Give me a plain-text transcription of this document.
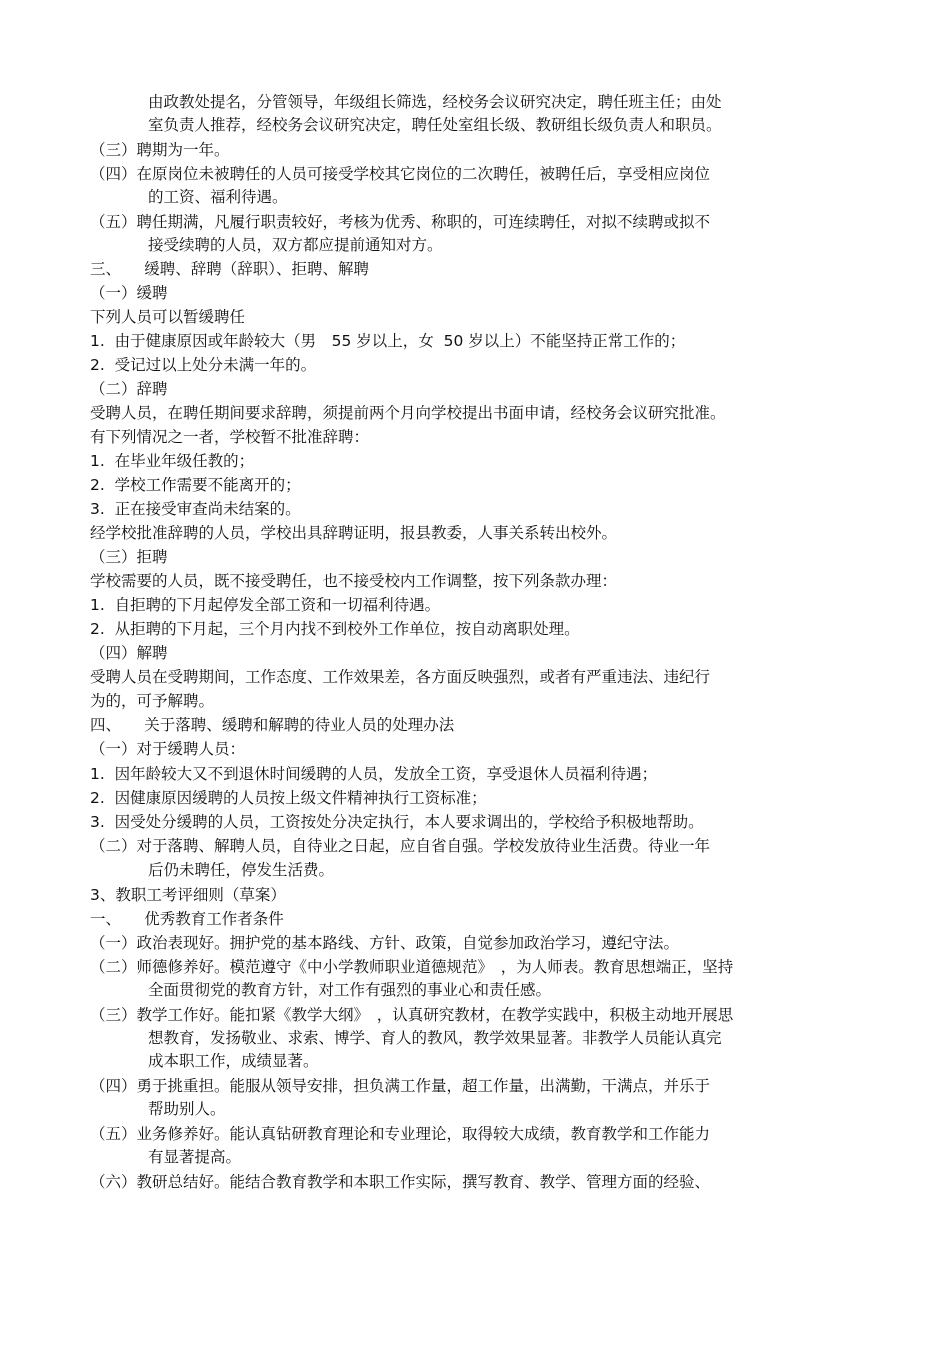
由政教处提名，分管领导，年级组长筛选，经校务会议研究决定，聘任班主任；由处
室负责人推荐，经校务会议研究决定，聘任处室组长级、教研组长级负责人和职员。
（三）聘期为一年。
（四）在原岗位未被聘任的人员可接受学校其它岗位的二次聘任，被聘任后，享受相应岗位
的工资、福利待遇。
（五）聘任期满，凡履行职责较好，考核为优秀、称职的，可连续聘任，对拟不续聘或拟不
接受续聘的人员，双方都应提前通知对方。
三、　　缓聘、辞聘（辞职）、拒聘、解聘
（一）缓聘
下列人员可以暂缓聘任
1.  由于健康原因或年龄较大（男　55 岁以上，女  50 岁以上）不能坚持正常工作的；
2.  受记过以上处分未满一年的。
（二）辞聘
受聘人员，在聘任期间要求辞聘，须提前两个月向学校提出书面申请，经校务会议研究批准。
有下列情况之一者，学校暂不批准辞聘：
1.  在毕业年级任教的；
2.  学校工作需要不能离开的；
3.  正在接受审查尚未结案的。
经学校批准辞聘的人员，学校出具辞聘证明，报县教委，人事关系转出校外。
（三）拒聘
学校需要的人员，既不接受聘任，也不接受校内工作调整，按下列条款办理：
1.  自拒聘的下月起停发全部工资和一切福利待遇。
2.  从拒聘的下月起，三个月内找不到校外工作单位，按自动离职处理。
（四）解聘
受聘人员在受聘期间，工作态度、工作效果差，各方面反映强烈，或者有严重违法、违纪行
为的，可予解聘。
四、　　关于落聘、缓聘和解聘的待业人员的处理办法
（一）对于缓聘人员：
1.  因年龄较大又不到退休时间缓聘的人员，发放全工资，享受退休人员福利待遇；
2.  因健康原因缓聘的人员按上级文件精神执行工资标准；
3.  因受处分缓聘的人员，工资按处分决定执行，本人要求调出的，学校给予积极地帮助。
（二）对于落聘、解聘人员，自待业之日起，应自省自强。学校发放待业生活费。待业一年
后仍未聘任，停发生活费。
3、教职工考评细则（草案）
一、　　优秀教育工作者条件
（一）政治表现好。拥护党的基本路线、方针、政策，自觉参加政治学习，遵纪守法。
（二）师德修养好。模范遵守《中小学教师职业道德规范》　，为人师表。教育思想端正，坚持
全面贯彻党的教育方针，对工作有强烈的事业心和责任感。
（三）教学工作好。能扣紧《教学大纲》　，认真研究教材，在教学实践中，积极主动地开展思
想教育，发扬敬业、求索、博学、育人的教风，教学效果显著。非教学人员能认真完
成本职工作，成绩显著。
（四）勇于挑重担。能服从领导安排，担负满工作量，超工作量，出满勤，干满点，并乐于
帮助别人。
（五）业务修养好。能认真钻研教育理论和专业理论，取得较大成绩，教育教学和工作能力
有显著提高。
（六）教研总结好。能结合教育教学和本职工作实际，撰写教育、教学、管理方面的经验、
